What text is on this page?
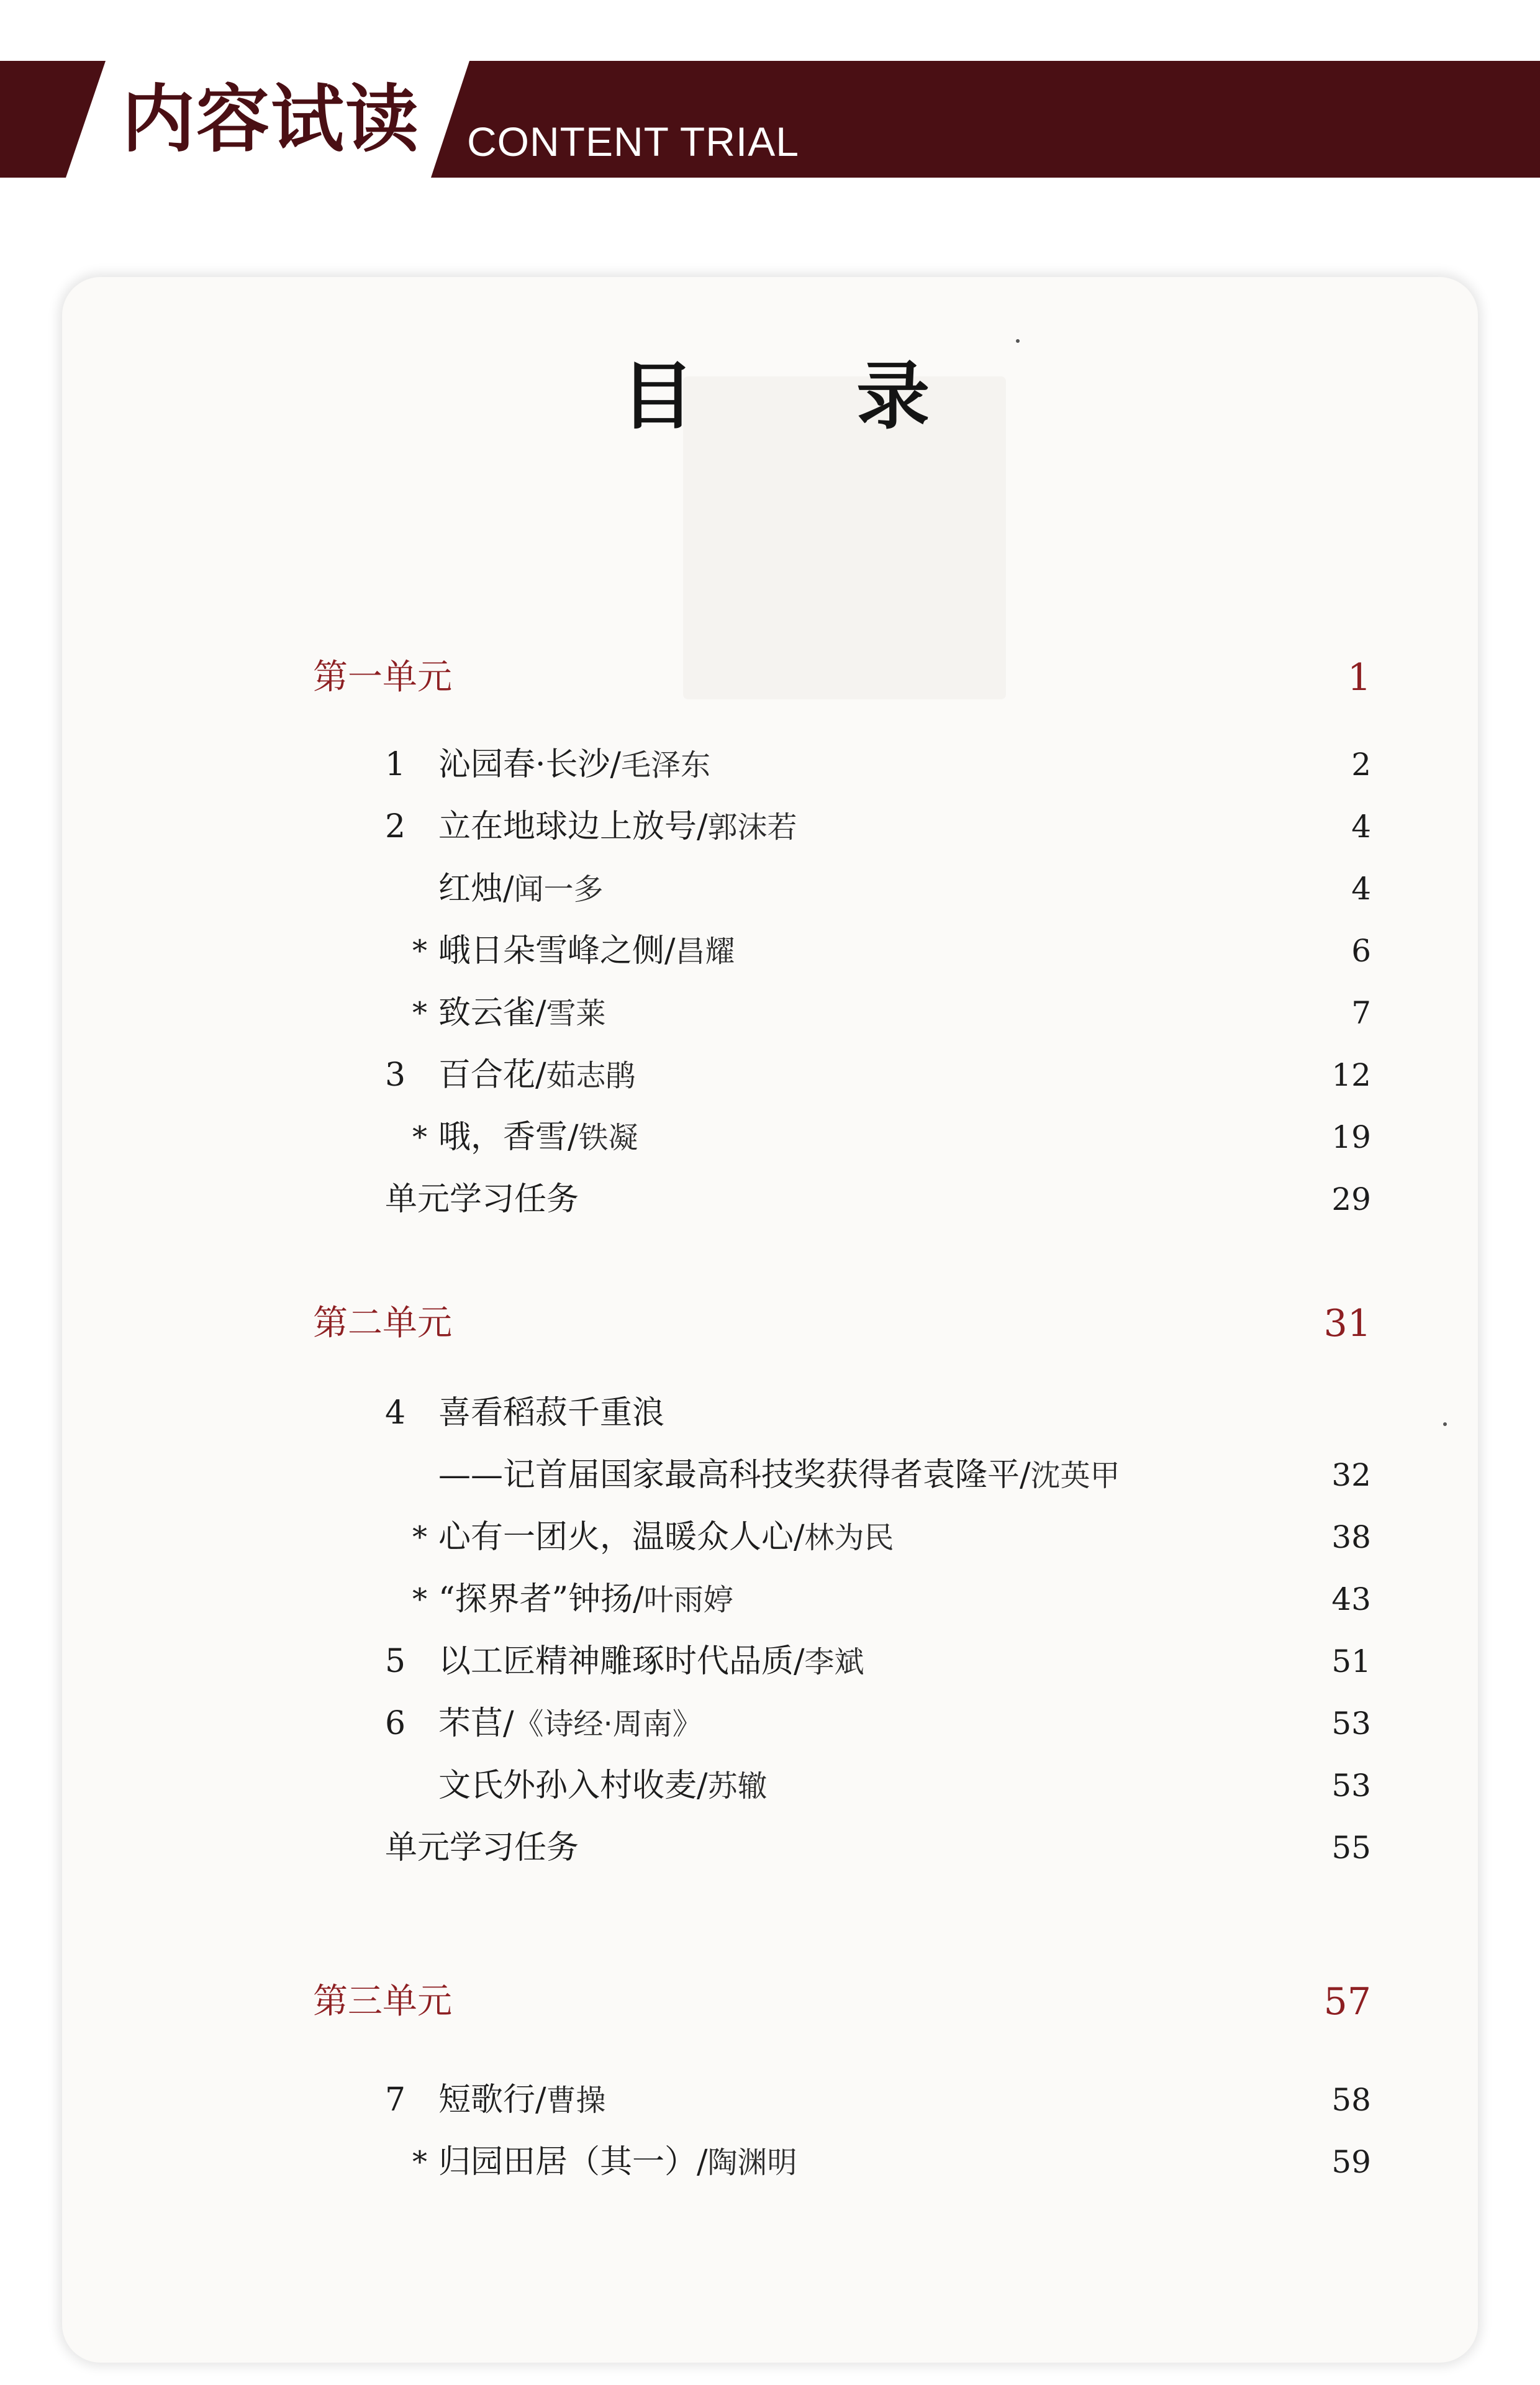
内容试读 CONTENT TRIAL
目 录
第一单元	1
1 沁园春·长沙/毛泽东	2
2 立在地球边上放号/郭沫若	4
红烛/闻一多	4
* 峨日朵雪峰之侧/昌耀	6
* 致云雀/雪莱	7
3 百合花/茹志鹃	12
* 哦，香雪/铁凝	19
单元学习任务	29
第二单元	31
4 喜看稻菽千重浪
——记首届国家最高科技奖获得者袁隆平/沈英甲	32
* 心有一团火，温暖众人心/林为民	38
* “探界者”钟扬/叶雨婷	43
5 以工匠精神雕琢时代品质/李斌	51
6 芣苢/《诗经·周南》	53
文氏外孙入村收麦/苏辙	53
单元学习任务	55
第三单元	57
7 短歌行/曹操	58
* 归园田居（其一）/陶渊明	59
